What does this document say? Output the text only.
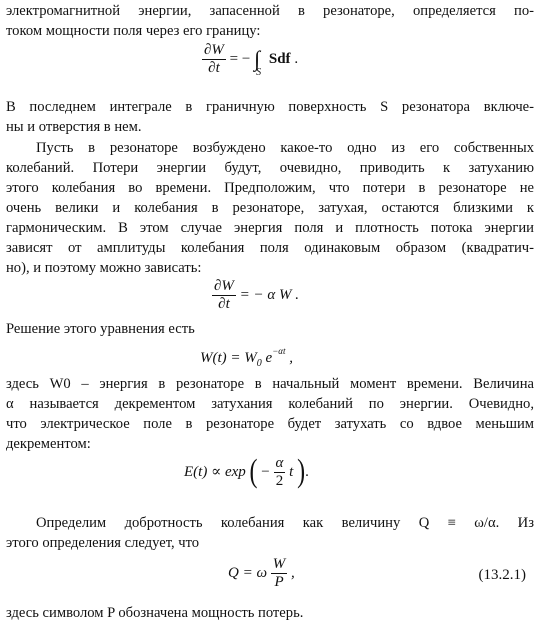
электромагнитной энергии, запасенной в резонаторе, определяется по-
током мощности поля через его границу:
$\frac{\partial W}{\partial t}$ = − $\int_S$ Sdf .
В последнем интеграле в граничную поверхность S резонатора включе-
ны и отверстия в нем.
Пусть в резонаторе возбуждено какое-то одно из его собственных
колебаний. Потери энергии будут, очевидно, приводить к затуханию
этого колебания во времени. Предположим, что потери в резонаторе не
очень велики и колебания в резонаторе, затухая, остаются близкими к
гармоническим. В этом случае энергия поля и плотность потока энергии
зависят от амплитуды колебания поля одинаковым образом (квадратич-
но), и поэтому можно зависать:
$\frac{\partial W}{\partial t}$ = − α W .
Решение этого уравнения есть
$W(t) = W_0$ $e^{-\alpha t}$ ,
здесь W0 – энергия в резонаторе в начальный момент времени. Величина
α называется декрементом затухания колебаний по энергии. Очевидно,
что электрическое поле в резонаторе будет затухать со вдвое меньшим
декрементом:
E(t) ∝ exp ( − $\frac{\alpha}{2}$ t ).
Определим добротность колебания как величину Q ≡ ω/α. Из
этого определения следует, что
Q = ω $\frac{W}{P}$ ,	(13.2.1)
здесь символом P обозначена мощность потерь.
